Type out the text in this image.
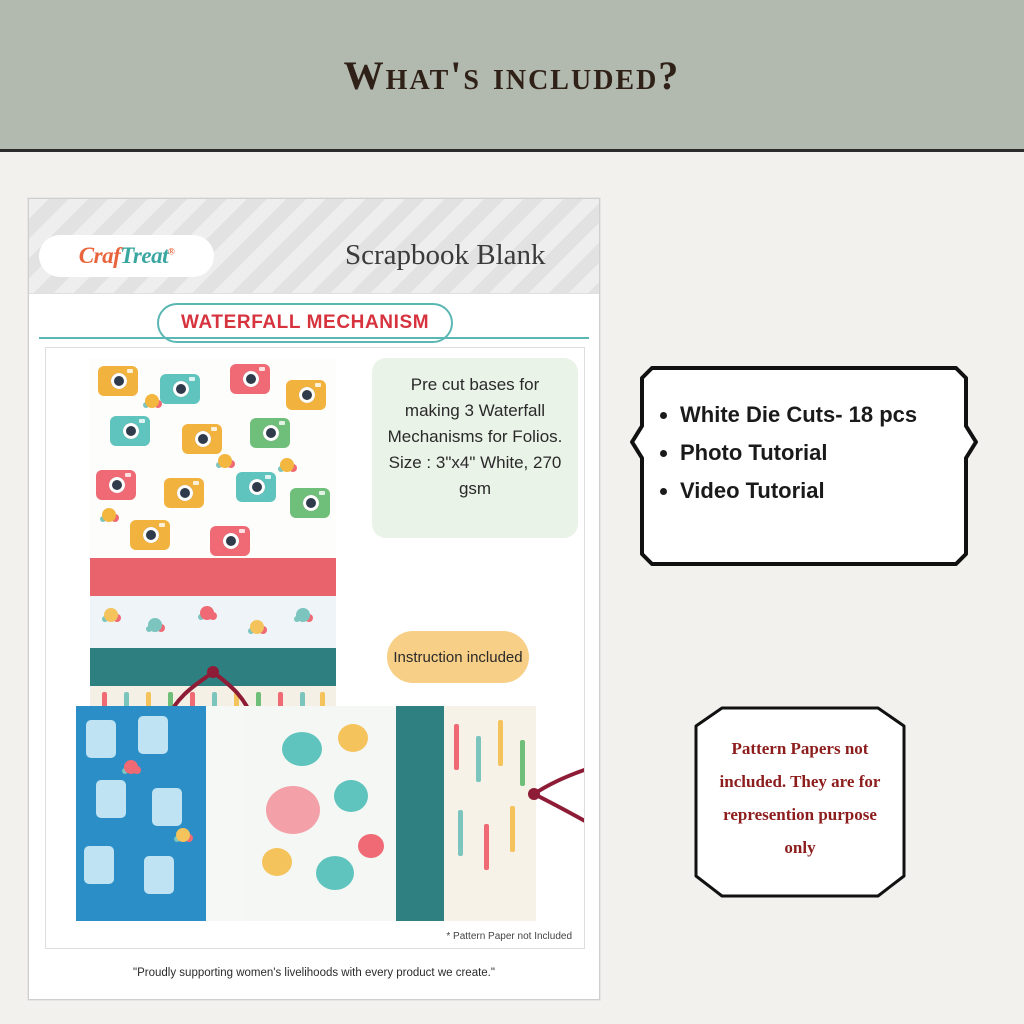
What's included?
CrafTreat®	Scrapbook Blank
WATERFALL MECHANISM
Pre cut bases for making 3 Waterfall Mechanisms for Folios. Size : 3"x4" White, 270 gsm
* Pattern Paper not Included
Instruction included
"Proudly supporting women's livelihoods with every product we create."
• White Die Cuts- 18 pcs
• Photo Tutorial
• Video Tutorial
Pattern Papers not included. They are for represention purpose only
